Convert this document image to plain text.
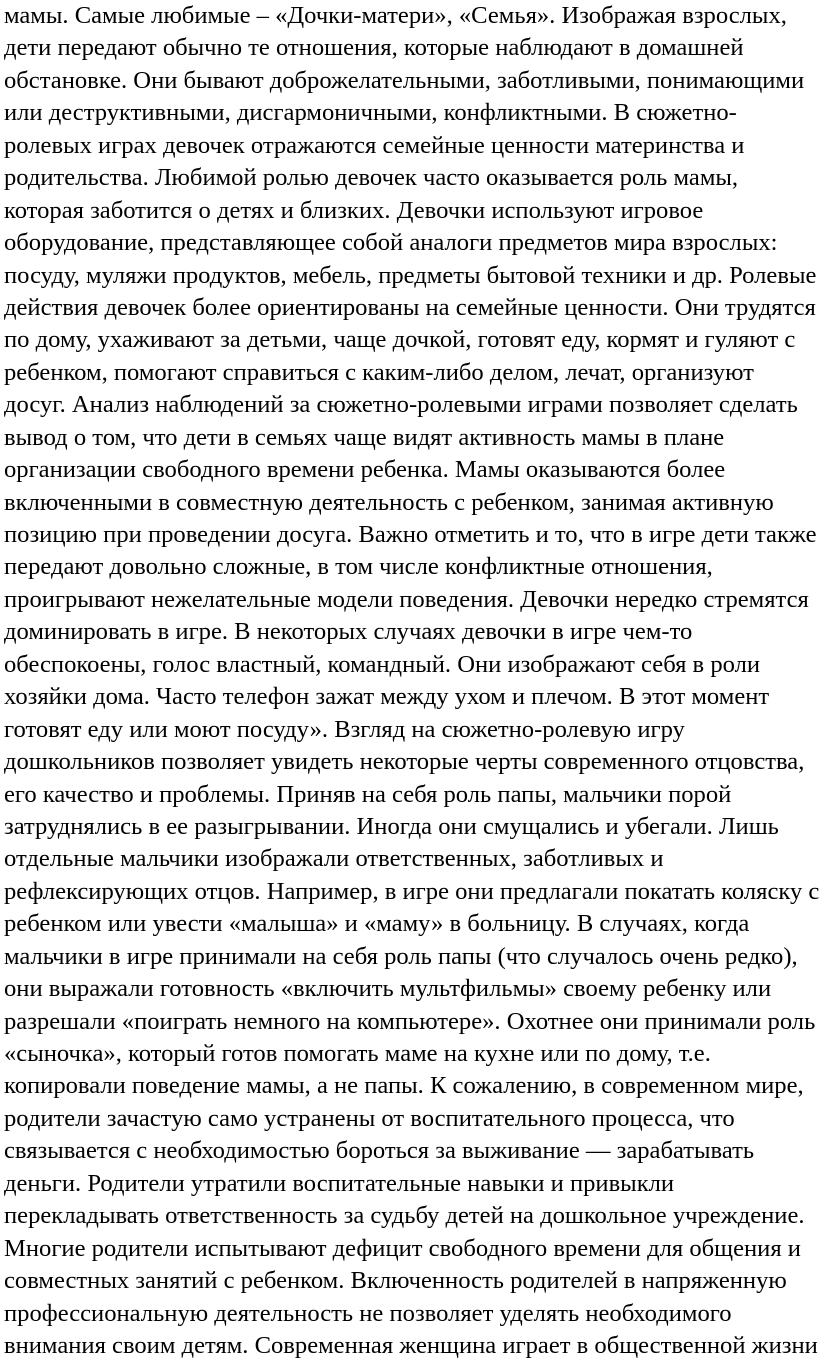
мамы. Самые любимые – «Дочки-матери», «Семья». Изображая взрослых,
дети передают обычно те отношения, которые наблюдают в домашней
обстановке. Они бывают доброжелательными, заботливыми, понимающими
или деструктивными, дисгармоничными, конфликтными. В сюжетно-
ролевых играх девочек отражаются семейные ценности материнства и
родительства. Любимой ролью девочек часто оказывается роль мамы,
которая заботится о детях и близких. Девочки используют игровое
оборудование, представляющее собой аналоги предметов мира взрослых:
посуду, муляжи продуктов, мебель, предметы бытовой техники и др. Ролевые
действия девочек более ориентированы на семейные ценности. Они трудятся
по дому, ухаживают за детьми, чаще дочкой, готовят еду, кормят и гуляют с
ребенком, помогают справиться с каким-либо делом, лечат, организуют
досуг. Анализ наблюдений за сюжетно-ролевыми играми позволяет сделать
вывод о том, что дети в семьях чаще видят активность мамы в плане
организации свободного времени ребенка. Мамы оказываются более
включенными в совместную деятельность с ребенком, занимая активную
позицию при проведении досуга. Важно отметить и то, что в игре дети также
передают довольно сложные, в том числе конфликтные отношения,
проигрывают нежелательные модели поведения. Девочки нередко стремятся
доминировать в игре. В некоторых случаях девочки в игре чем-то
обеспокоены, голос властный, командный. Они изображают себя в роли
хозяйки дома. Часто телефон зажат между ухом и плечом. В этот момент
готовят еду или моют посуду». Взгляд на сюжетно-ролевую игру
дошкольников позволяет увидеть некоторые черты современного отцовства,
его качество и проблемы. Приняв на себя роль папы, мальчики порой
затруднялись в ее разыгрывании. Иногда они смущались и убегали. Лишь
отдельные мальчики изображали ответственных, заботливых и
рефлексирующих отцов. Например, в игре они предлагали покатать коляску с
ребенком или увести «малыша» и «маму» в больницу. В случаях, когда
мальчики в игре принимали на себя роль папы (что случалось очень редко),
они выражали готовность «включить мультфильмы» своему ребенку или
разрешали «поиграть немного на компьютере». Охотнее они принимали роль
«сыночка», который готов помогать маме на кухне или по дому, т.е.
копировали поведение мамы, а не папы. К сожалению, в современном мире,
родители зачастую само устранены от воспитательного процесса, что
связывается с необходимостью бороться за выживание — зарабатывать
деньги. Родители утратили воспитательные навыки и привыкли
перекладывать ответственность за судьбу детей на дошкольное учреждение.
Многие родители испытывают дефицит свободного времени для общения и
совместных занятий с ребенком. Включенность родителей в напряженную
профессиональную деятельность не позволяет уделять необходимого
внимания своим детям. Современная женщина играет в общественной жизни
